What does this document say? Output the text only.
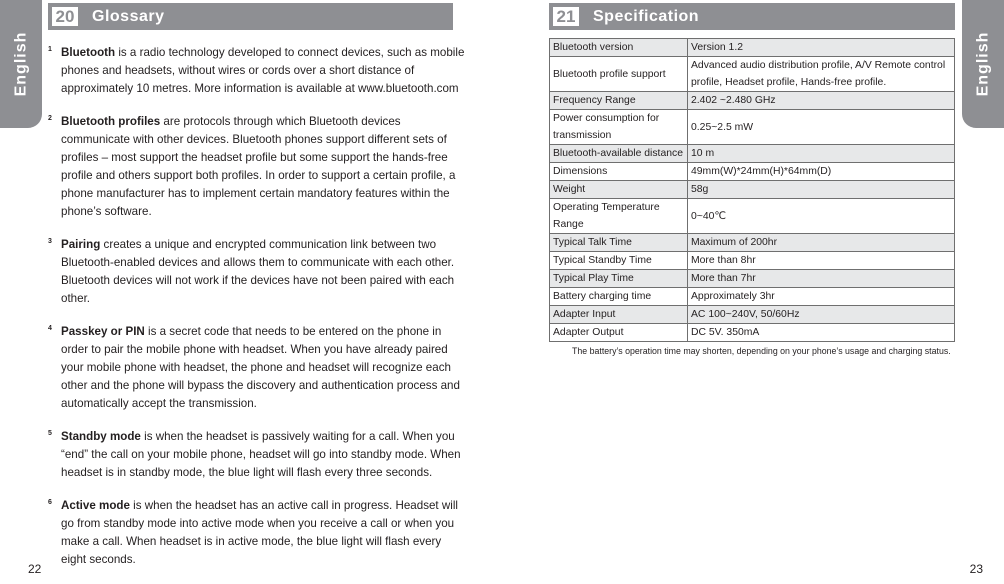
English	English
20	Glossary
1 Bluetooth is a radio technology developed to connect devices, such as mobile phones and headsets, without wires or cords over a short distance of approximately 10 metres. More information is available at www.bluetooth.com
2 Bluetooth profiles are protocols through which Bluetooth devices communicate with other devices. Bluetooth phones support different sets of profiles – most support the headset profile but some support the hands-free profile and others support both profiles. In order to support a certain profile, a phone manufacturer has to implement certain mandatory features within the phone’s software.
3 Pairing creates a unique and encrypted communication link between two Bluetooth-enabled devices and allows them to communicate with each other. Bluetooth devices will not work if the devices have not been paired with each other.
4 Passkey or PIN is a secret code that needs to be entered on the phone in order to pair the mobile phone with headset. When you have already paired your mobile phone with headset, the phone and headset will recognize each other and the phone will bypass the discovery and authentication process and automatically accept the transmission.
5 Standby mode is when the headset is passively waiting for a call. When you “end” the call on your mobile phone, headset will go into standby mode. When headset is in standby mode, the blue light will flash every three seconds.
6 Active mode is when the headset has an active call in progress. Headset will go from standby mode into active mode when you receive a call or when you make a call. When headset is in active mode, the blue light will flash every eight seconds.
21	Specification
Bluetooth version	Version 1.2
Bluetooth profile support	Advanced audio distribution profile, A/V Remote control profile, Headset profile, Hands-free profile.
Frequency Range	2.402 ~2.480 GHz
Power consumption for transmission	0.25~2.5 mW
Bluetooth-available distance	10 m
Dimensions	49mm(W)*24mm(H)*64mm(D)
Weight	58g
Operating Temperature Range	0~40℃
Typical Talk Time	Maximum of 200hr
Typical Standby Time	More than 8hr
Typical Play Time	More than 7hr
Battery charging time	Approximately 3hr
Adapter Input	AC 100~240V, 50/60Hz
Adapter Output	DC 5V. 350mA
The battery’s operation time may shorten, depending on your phone’s usage and charging status.
22	23
